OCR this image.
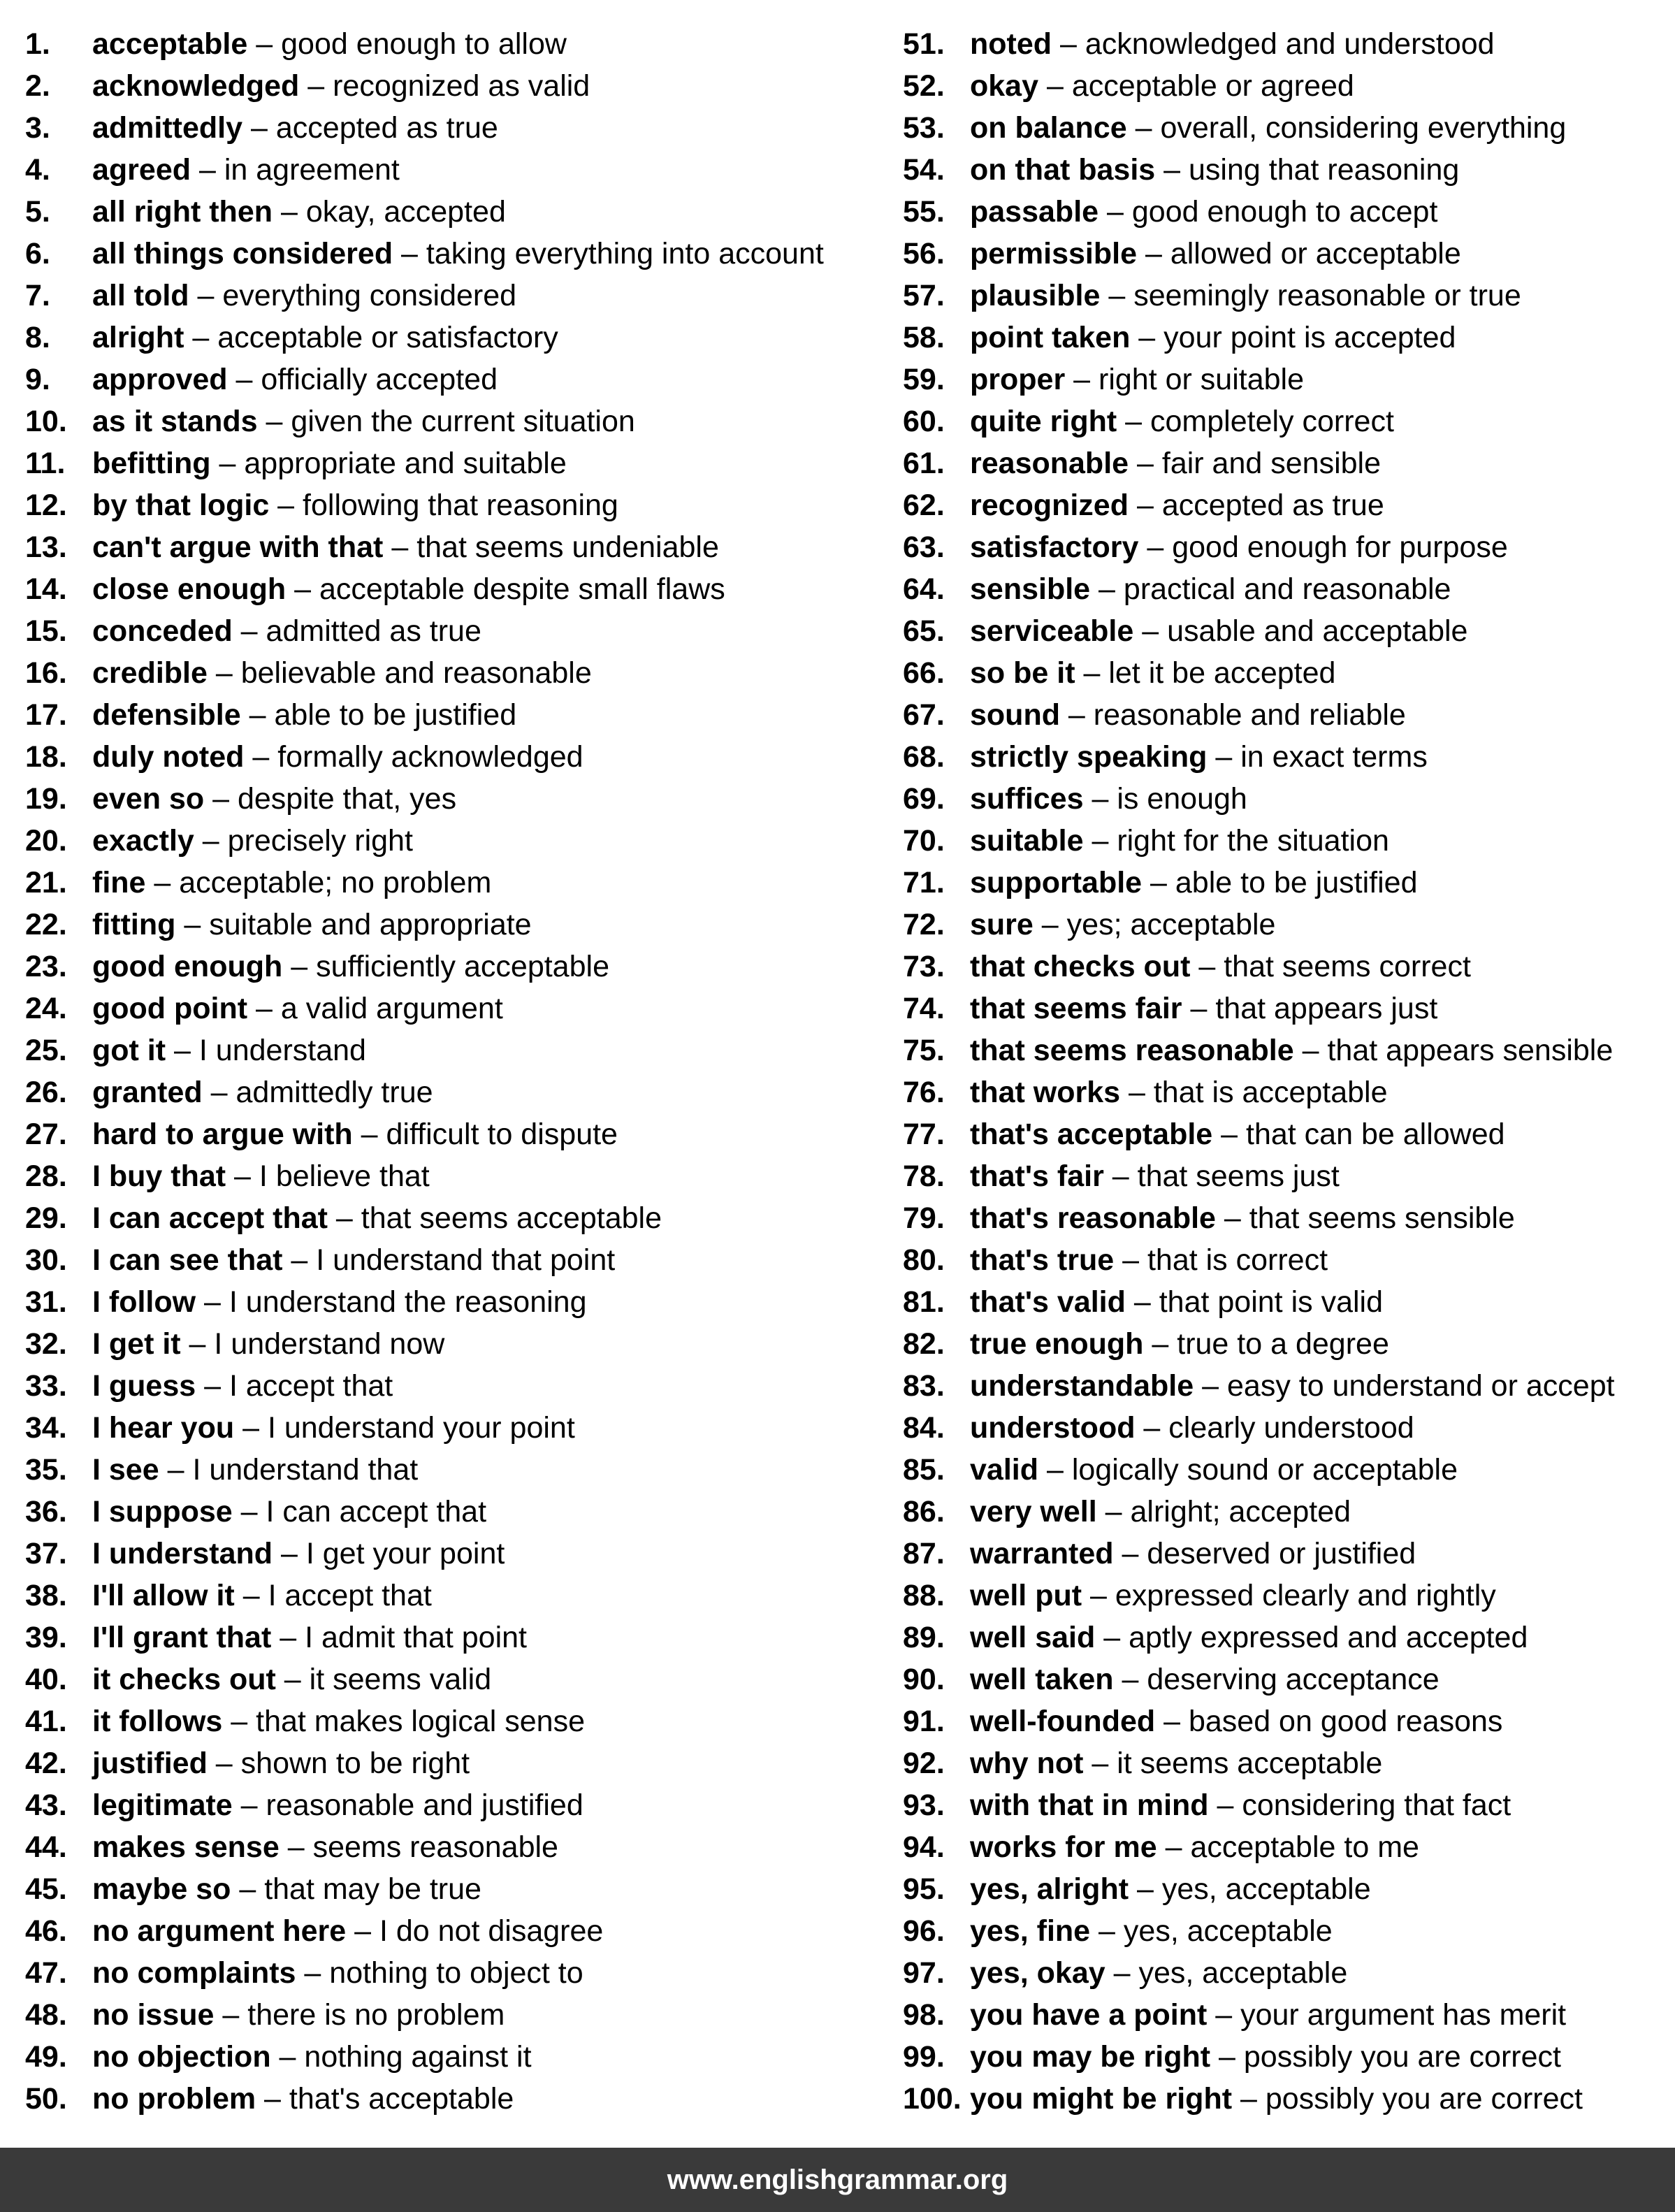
1. acceptable – good enough to allow
2. acknowledged – recognized as valid
3. admittedly – accepted as true
4. agreed – in agreement
5. all right then – okay, accepted
6. all things considered – taking everything into account
7. all told – everything considered
8. alright – acceptable or satisfactory
9. approved – officially accepted
10. as it stands – given the current situation
11. befitting – appropriate and suitable
12. by that logic – following that reasoning
13. can't argue with that – that seems undeniable
14. close enough – acceptable despite small flaws
15. conceded – admitted as true
16. credible – believable and reasonable
17. defensible – able to be justified
18. duly noted – formally acknowledged
19. even so – despite that, yes
20. exactly – precisely right
21. fine – acceptable; no problem
22. fitting – suitable and appropriate
23. good enough – sufficiently acceptable
24. good point – a valid argument
25. got it – I understand
26. granted – admittedly true
27. hard to argue with – difficult to dispute
28. I buy that – I believe that
29. I can accept that – that seems acceptable
30. I can see that – I understand that point
31. I follow – I understand the reasoning
32. I get it – I understand now
33. I guess – I accept that
34. I hear you – I understand your point
35. I see – I understand that
36. I suppose – I can accept that
37. I understand – I get your point
38. I'll allow it – I accept that
39. I'll grant that – I admit that point
40. it checks out – it seems valid
41. it follows – that makes logical sense
42. justified – shown to be right
43. legitimate – reasonable and justified
44. makes sense – seems reasonable
45. maybe so – that may be true
46. no argument here – I do not disagree
47. no complaints – nothing to object to
48. no issue – there is no problem
49. no objection – nothing against it
50. no problem – that's acceptable
51. noted – acknowledged and understood
52. okay – acceptable or agreed
53. on balance – overall, considering everything
54. on that basis – using that reasoning
55. passable – good enough to accept
56. permissible – allowed or acceptable
57. plausible – seemingly reasonable or true
58. point taken – your point is accepted
59. proper – right or suitable
60. quite right – completely correct
61. reasonable – fair and sensible
62. recognized – accepted as true
63. satisfactory – good enough for purpose
64. sensible – practical and reasonable
65. serviceable – usable and acceptable
66. so be it – let it be accepted
67. sound – reasonable and reliable
68. strictly speaking – in exact terms
69. suffices – is enough
70. suitable – right for the situation
71. supportable – able to be justified
72. sure – yes; acceptable
73. that checks out – that seems correct
74. that seems fair – that appears just
75. that seems reasonable – that appears sensible
76. that works – that is acceptable
77. that's acceptable – that can be allowed
78. that's fair – that seems just
79. that's reasonable – that seems sensible
80. that's true – that is correct
81. that's valid – that point is valid
82. true enough – true to a degree
83. understandable – easy to understand or accept
84. understood – clearly understood
85. valid – logically sound or acceptable
86. very well – alright; accepted
87. warranted – deserved or justified
88. well put – expressed clearly and rightly
89. well said – aptly expressed and accepted
90. well taken – deserving acceptance
91. well-founded – based on good reasons
92. why not – it seems acceptable
93. with that in mind – considering that fact
94. works for me – acceptable to me
95. yes, alright – yes, acceptable
96. yes, fine – yes, acceptable
97. yes, okay – yes, acceptable
98. you have a point – your argument has merit
99. you may be right – possibly you are correct
100. you might be right – possibly you are correct
www.englishgrammar.org
